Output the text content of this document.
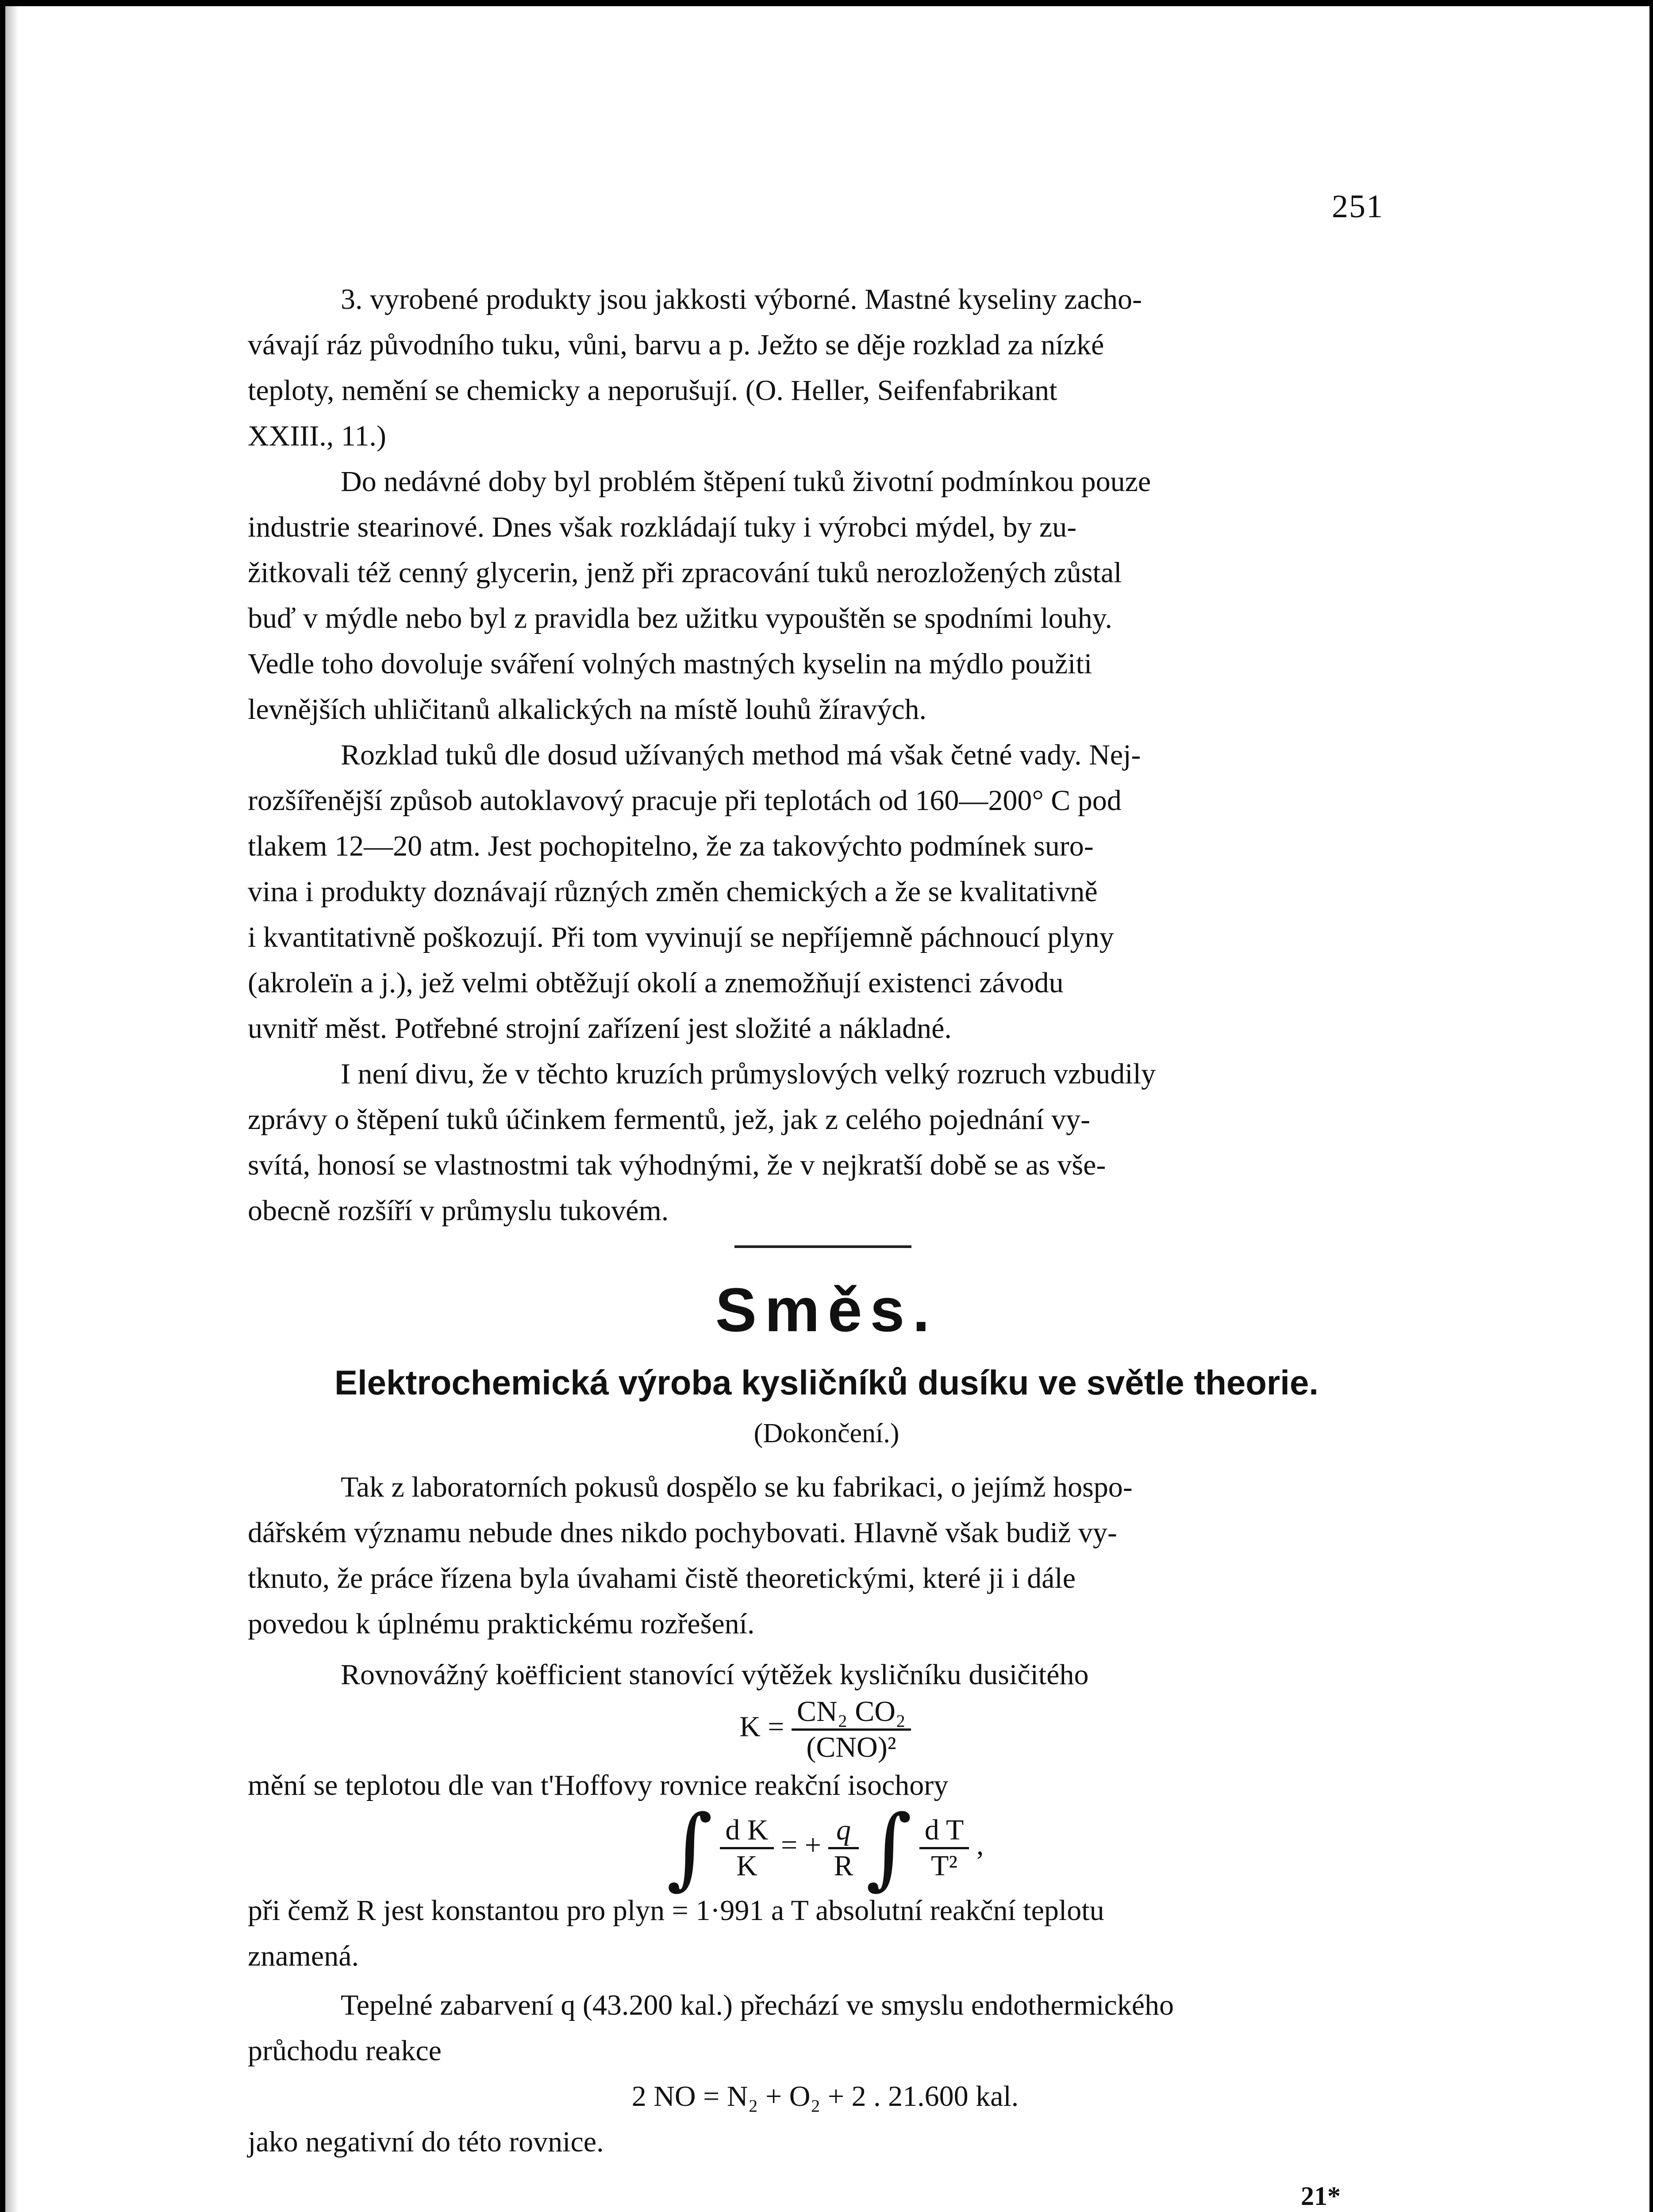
251

3. vyrobené produkty jsou jakkosti výborné. Mastné kyseliny zacho-
vávají ráz původního tuku, vůni, barvu a p. Ježto se děje rozklad za nízké
teploty, nemění se chemicky a neporušují. (O. Heller, Seifenfabrikant
XXIII., 11.)

Do nedávné doby byl problém štěpení tuků životní podmínkou pouze
industrie stearinové. Dnes však rozkládají tuky i výrobci mýdel, by zu-
žitkovali též cenný glycerin, jenž při zpracování tuků nerozložených zůstal
buď v mýdle nebo byl z pravidla bez užitku vypouštěn se spodními louhy.
Vedle toho dovoluje sváření volných mastných kyselin na mýdlo použiti
levnějších uhličitanů alkalických na místě louhů žíravých.

Rozklad tuků dle dosud užívaných method má však četné vady. Nej-
rozšířenější způsob autoklavový pracuje při teplotách od 160—200° C pod
tlakem 12—20 atm. Jest pochopitelno, že za takovýchto podmínek suro-
vina i produkty doznávají různých změn chemických a že se kvalitativně
i kvantitativně poškozují. Při tom vyvinují se nepříjemně páchnoucí plyny
(akroleïn a j.), jež velmi obtěžují okolí a znemožňují existenci závodu
uvnitř měst. Potřebné strojní zařízení jest složité a nákladné.

I není divu, že v těchto kruzích průmyslových velký rozruch vzbudily
zprávy o štěpení tuků účinkem fermentů, jež, jak z celého pojednání vy-
svítá, honosí se vlastnostmi tak výhodnými, že v nejkratší době se as vše-
obecně rozšíří v průmyslu tukovém.

Směs.
Elektrochemická výroba kysličníků dusíku ve světle theorie.
(Dokončení.)

Tak z laboratorních pokusů dospělo se ku fabrikaci, o jejímž hospo-
dářském významu nebude dnes nikdo pochybovati. Hlavně však budiž vy-
tknuto, že práce řízena byla úvahami čistě theoretickými, které ji i dále
povedou k úplnému praktickému rozřešení.

Rovnovážný koëfficient stanovící výtěžek kysličníku dusičitého

$K = \frac{\text{CN₂ CO₂}}{\text{(CNO)²}}$

mění se teplotou dle van t'Hoffovy rovnice reakční isochory

∫ $\frac{\text{d K}}{K}$ = + $\frac{q}{R}$ ∫ $\frac{\text{d T}}{\text{T²}}$ ,

při čemž R jest konstantou pro plyn = 1·991 a T absolutní reakční teplotu
znamená.

Tepelné zabarvení q (43.200 kal.) přechází ve smyslu endothermického
průchodu reakce

2 NO = N₂ + O₂ + 2 . 21.600 kal.

jako negativní do této rovnice.

21*
